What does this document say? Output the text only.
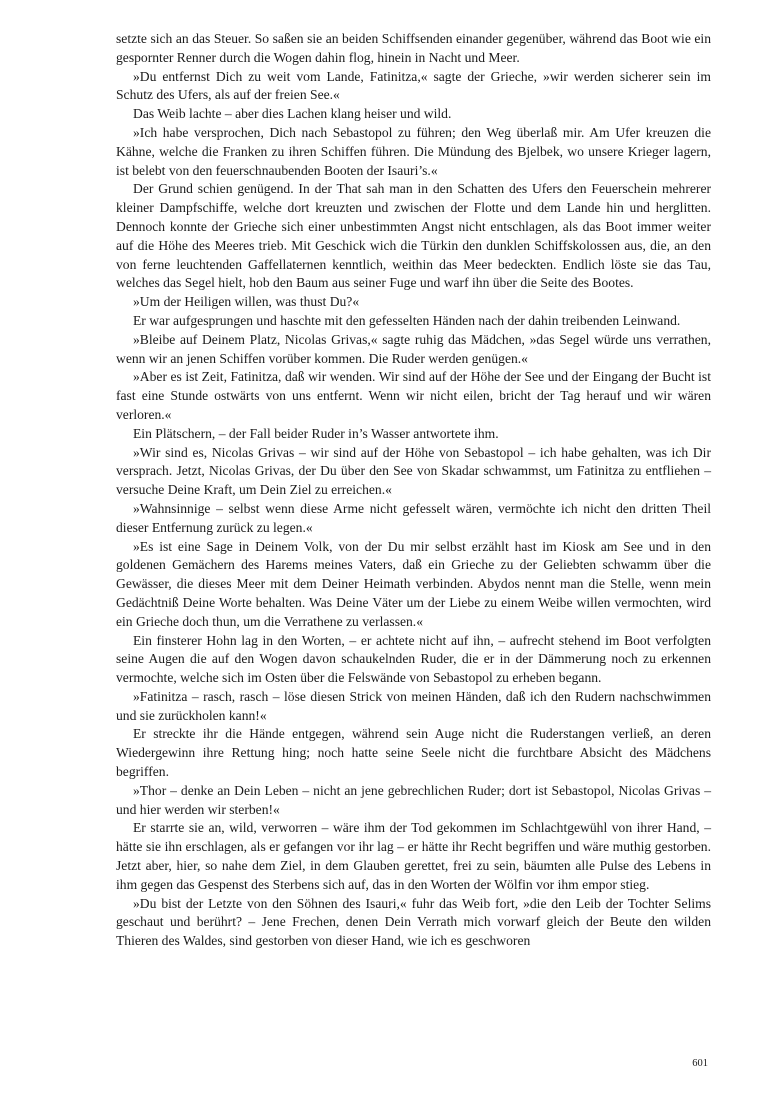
setzte sich an das Steuer. So saßen sie an beiden Schiffsenden einander gegenüber, während das Boot wie ein gespornter Renner durch die Wogen dahin flog, hinein in Nacht und Meer.

»Du entfernst Dich zu weit vom Lande, Fatinitza,« sagte der Grieche, »wir werden sicherer sein im Schutz des Ufers, als auf der freien See.«

Das Weib lachte – aber dies Lachen klang heiser und wild.

»Ich habe versprochen, Dich nach Sebastopol zu führen; den Weg überlaß mir. Am Ufer kreuzen die Kähne, welche die Franken zu ihren Schiffen führen. Die Mündung des Bjelbek, wo unsere Krieger lagern, ist belebt von den feuerschnaubenden Booten der Isauri’s.«

Der Grund schien genügend. In der That sah man in den Schatten des Ufers den Feuerschein mehrerer kleiner Dampfschiffe, welche dort kreuzten und zwischen der Flotte und dem Lande hin und herglitten. Dennoch konnte der Grieche sich einer unbestimmten Angst nicht entschlagen, als das Boot immer weiter auf die Höhe des Meeres trieb. Mit Geschick wich die Türkin den dunklen Schiffskolossen aus, die, an den von ferne leuchtenden Gaffellaternen kenntlich, weithin das Meer bedeckten. Endlich löste sie das Tau, welches das Segel hielt, hob den Baum aus seiner Fuge und warf ihn über die Seite des Bootes.

»Um der Heiligen willen, was thust Du?«

Er war aufgesprungen und haschte mit den gefesselten Händen nach der dahin treibenden Leinwand.

»Bleibe auf Deinem Platz, Nicolas Grivas,« sagte ruhig das Mädchen, »das Segel würde uns verrathen, wenn wir an jenen Schiffen vorüber kommen. Die Ruder werden genügen.«

»Aber es ist Zeit, Fatinitza, daß wir wenden. Wir sind auf der Höhe der See und der Eingang der Bucht ist fast eine Stunde ostwärts von uns entfernt. Wenn wir nicht eilen, bricht der Tag herauf und wir wären verloren.«

Ein Plätschern, – der Fall beider Ruder in’s Wasser antwortete ihm.

»Wir sind es, Nicolas Grivas – wir sind auf der Höhe von Sebastopol – ich habe gehalten, was ich Dir versprach. Jetzt, Nicolas Grivas, der Du über den See von Skadar schwammst, um Fatinitza zu entfliehen – versuche Deine Kraft, um Dein Ziel zu erreichen.«

»Wahnsinnige – selbst wenn diese Arme nicht gefesselt wären, vermöchte ich nicht den dritten Theil dieser Entfernung zurück zu legen.«

»Es ist eine Sage in Deinem Volk, von der Du mir selbst erzählt hast im Kiosk am See und in den goldenen Gemächern des Harems meines Vaters, daß ein Grieche zu der Geliebten schwamm über die Gewässer, die dieses Meer mit dem Deiner Heimath verbinden. Abydos nennt man die Stelle, wenn mein Gedächtniß Deine Worte behalten. Was Deine Väter um der Liebe zu einem Weibe willen vermochten, wird ein Grieche doch thun, um die Verrathene zu verlassen.«

Ein finsterer Hohn lag in den Worten, – er achtete nicht auf ihn, – aufrecht stehend im Boot verfolgten seine Augen die auf den Wogen davon schaukelnden Ruder, die er in der Dämmerung noch zu erkennen vermochte, welche sich im Osten über die Felswände von Sebastopol zu erheben begann.

»Fatinitza – rasch, rasch – löse diesen Strick von meinen Händen, daß ich den Rudern nachschwimmen und sie zurückholen kann!«

Er streckte ihr die Hände entgegen, während sein Auge nicht die Ruderstangen verließ, an deren Wiedergewinn ihre Rettung hing; noch hatte seine Seele nicht die furchtbare Absicht des Mädchens begriffen.

»Thor – denke an Dein Leben – nicht an jene gebrechlichen Ruder; dort ist Sebastopol, Nicolas Grivas – und hier werden wir sterben!«

Er starrte sie an, wild, verworren – wäre ihm der Tod gekommen im Schlachtgewühl von ihrer Hand, – hätte sie ihn erschlagen, als er gefangen vor ihr lag – er hätte ihr Recht begriffen und wäre muthig gestorben. Jetzt aber, hier, so nahe dem Ziel, in dem Glauben gerettet, frei zu sein, bäumten alle Pulse des Lebens in ihm gegen das Gespenst des Sterbens sich auf, das in den Worten der Wölfin vor ihm empor stieg.

»Du bist der Letzte von den Söhnen des Isauri,« fuhr das Weib fort, »die den Leib der Tochter Selims geschaut und berührt? – Jene Frechen, denen Dein Verrath mich vorwarf gleich der Beute den wilden Thieren des Waldes, sind gestorben von dieser Hand, wie ich es geschworen

601
